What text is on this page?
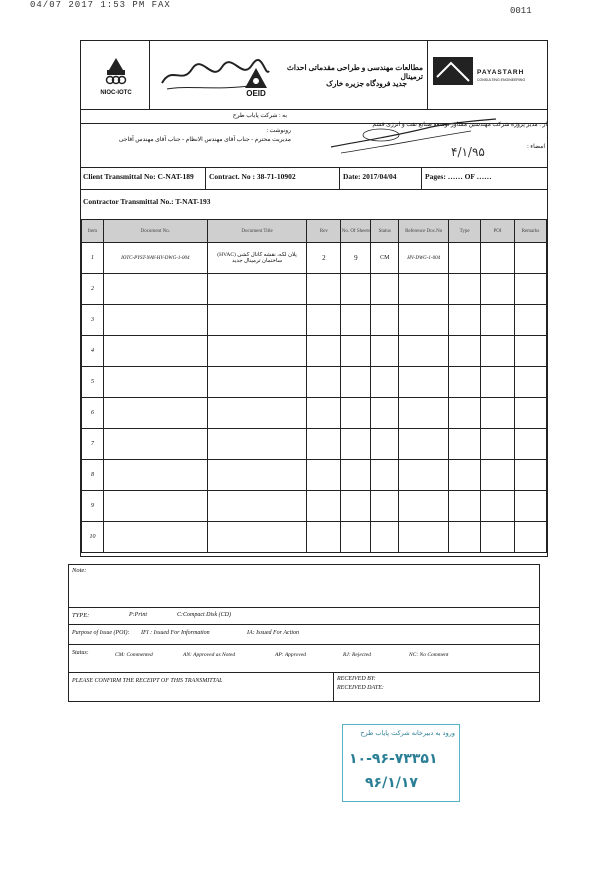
04/07 2017 1:53 PM FAX
0011
NIOC-IOTC	OEID
مطالعات مهندسی و طراحی مقدماتی احداث ترمینال
جدید فرودگاه جزیره خارک
PAYASTARH
CONSULTING ENGINEERING
به : شرکت پایاب طرح
از : مدیر پروژه شرکت مهندسین مشاور توسعه صنایع نفت و انرژی قشم
رونوشت :
مدیریت محترم - جناب آقای مهندس الانظام - جناب آقای مهندس آقاجی
امضاء :
۴/۱/۹۵
Client Transmittal No: C-NAT-189 Contract. No : 38-71-10902	Date: 2017/04/04	Pages: …… OF ……
Contractor Transmittal No.: T-NAT-193
Item	Document No.	Document Title	Rev	No. Of Sheets	Status	Reference Doc.No	Type	POI	Remarks
1	IOTC-PYST-NAY-HV-DWG-1-004	پلان لکه، نقشه کانال کشی (HVAC) ساختمان ترمینال جدید	2	9	CM	HV-DWG-1-004			
2									
3									
4									
5									
6									
7									
8									
9									
10									
Note:
TYPE:	P:Print	C:Compact Disk (CD)
Purpose of Issue (POI): IFI : Issued For Information	IA: Issued For Action
Status:	CM: Commented	AN: Approved as Noted	AP: Approved	RJ: Rejected	NC: No Comment
PLEASE CONFIRM THE RECEIPT OF THIS TRANSMITTAL	RECEIVED BY:
RECEIVED DATE:
ورود به دبیرخانه شرکت پایاب طرح
۱۰-۹۶-۷۳۳۵۱
۹۶/۱/۱۷
